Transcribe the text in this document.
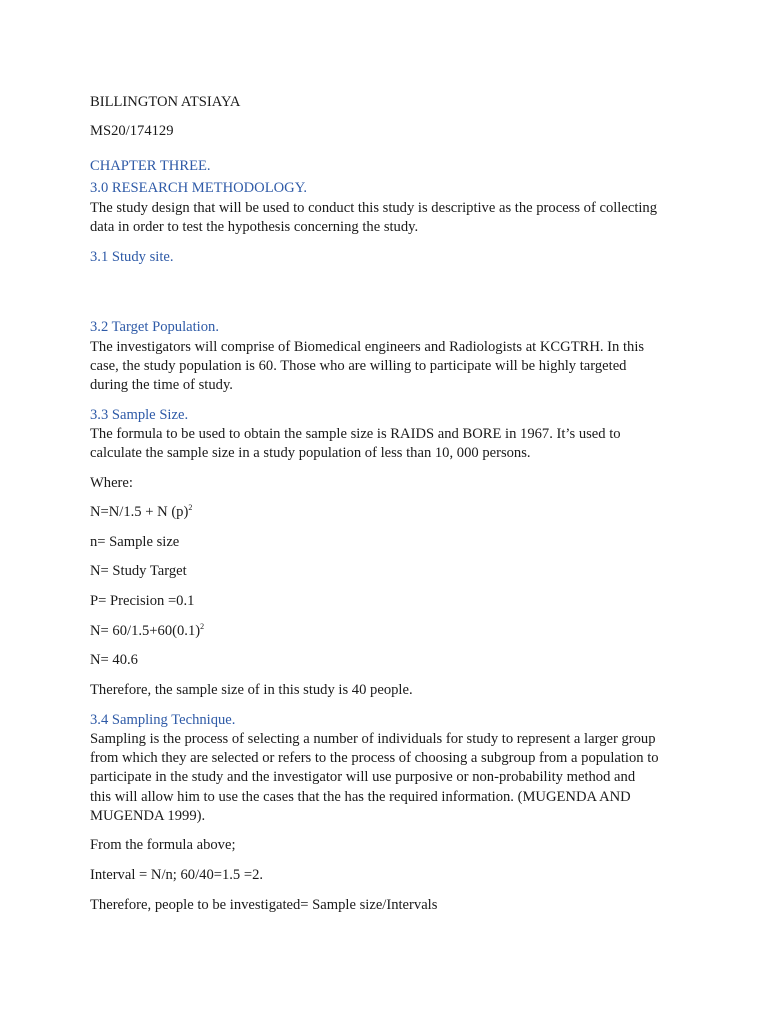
BILLINGTON ATSIAYA
MS20/174129
CHAPTER THREE.
3.0 RESEARCH METHODOLOGY.
The study design that will be used to conduct this study is descriptive as the process of collecting
data in order to test the hypothesis concerning the study.
3.1 Study site.
3.2 Target Population.
The investigators will comprise of Biomedical engineers and Radiologists at KCGTRH. In this
case, the study population is 60. Those who are willing to participate will be highly targeted
during the time of study.
3.3 Sample Size.
The formula to be used to obtain the sample size is RAIDS and BORE in 1967. It’s used to
calculate the sample size in a study population of less than 10, 000 persons.
Where:
N=N/1.5 + N $(p)^2$
n= Sample size
N= Study Target
P= Precision =0.1
$N= 60/1.5+60(0.1)^2$
N= 40.6
Therefore, the sample size of in this study is 40 people.
3.4 Sampling Technique.
Sampling is the process of selecting a number of individuals for study to represent a larger group
from which they are selected or refers to the process of choosing a subgroup from a population to
participate in the study and the investigator will use purposive or non-probability method and
this will allow him to use the cases that the has the required information. (MUGENDA AND
MUGENDA 1999).
From the formula above;
Interval = N/n; 60/40=1.5 =2.
Therefore, people to be investigated= Sample size/Intervals
